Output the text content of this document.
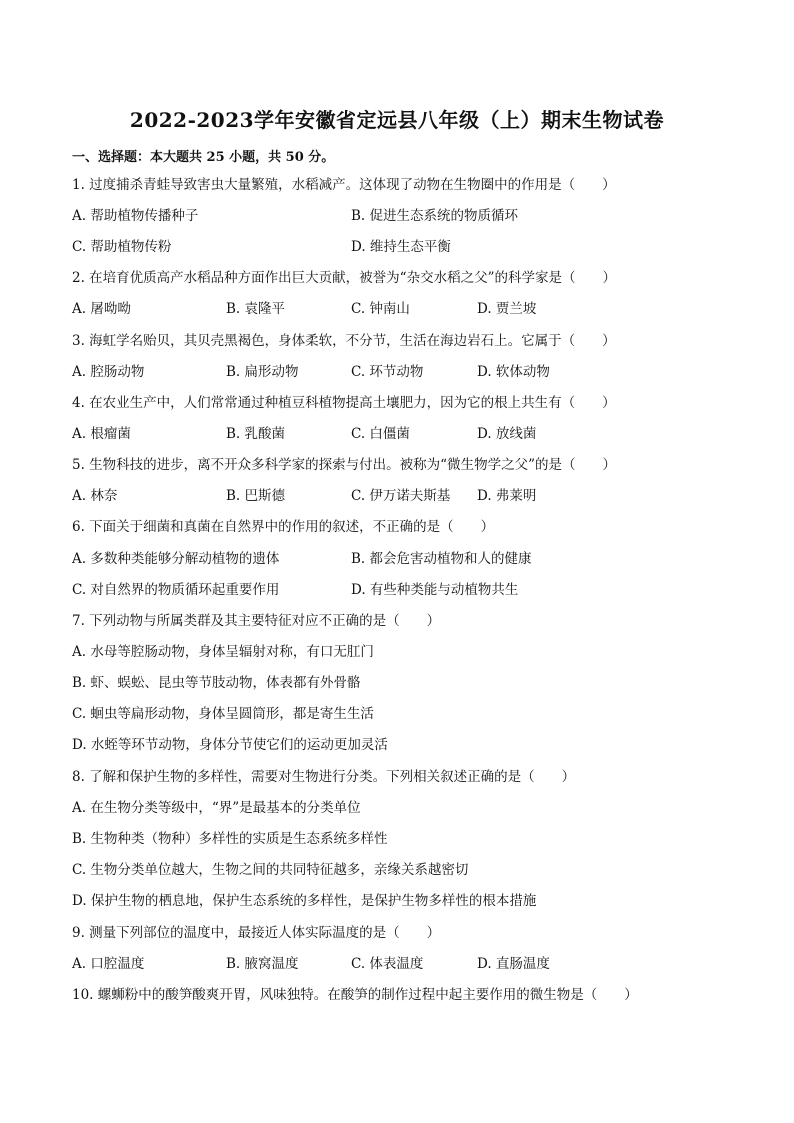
2022-2023学年安徽省定远县八年级（上）期末生物试卷
一、选择题：本大题共 25 小题，共 50 分。
1. 过度捕杀青蛙导致害虫大量繁殖，水稻减产。这体现了动物在生物圈中的作用是（　　）
A. 帮助植物传播种子	B. 促进生态系统的物质循环
C. 帮助植物传粉	D. 维持生态平衡
2. 在培育优质高产水稻品种方面作出巨大贡献，被誉为“杂交水稻之父”的科学家是（　　）
A. 屠呦呦	B. 袁隆平	C. 钟南山	D. 贾兰坡
3. 海虹学名贻贝，其贝壳黑褐色，身体柔软，不分节，生活在海边岩石上。它属于（　　）
A. 腔肠动物	B. 扁形动物	C. 环节动物	D. 软体动物
4. 在农业生产中，人们常常通过种植豆科植物提高土壤肥力，因为它的根上共生有（　　）
A. 根瘤菌	B. 乳酸菌	C. 白僵菌	D. 放线菌
5. 生物科技的进步，离不开众多科学家的探索与付出。被称为“微生物学之父”的是（　　）
A. 林奈	B. 巴斯德	C. 伊万诺夫斯基 D. 弗莱明
6. 下面关于细菌和真菌在自然界中的作用的叙述，不正确的是（　　）
A. 多数种类能够分解动植物的遗体	B. 都会危害动植物和人的健康
C. 对自然界的物质循环起重要作用	D. 有些种类能与动植物共生
7. 下列动物与所属类群及其主要特征对应不正确的是（　　）
A. 水母等腔肠动物，身体呈辐射对称，有口无肛门
B. 虾、蜈蚣、昆虫等节肢动物，体表都有外骨骼
C. 蛔虫等扁形动物，身体呈圆筒形，都是寄生生活
D. 水蛭等环节动物，身体分节使它们的运动更加灵活
8. 了解和保护生物的多样性，需要对生物进行分类。下列相关叙述正确的是（　　）
A. 在生物分类等级中，“界”是最基本的分类单位
B. 生物种类（物种）多样性的实质是生态系统多样性
C. 生物分类单位越大，生物之间的共同特征越多，亲缘关系越密切
D. 保护生物的栖息地，保护生态系统的多样性，是保护生物多样性的根本措施
9. 测量下列部位的温度中，最接近人体实际温度的是（　　）
A. 口腔温度	B. 腋窝温度	C. 体表温度	D. 直肠温度
10. 螺蛳粉中的酸笋酸爽开胃，风味独特。在酸笋的制作过程中起主要作用的微生物是（　　）
